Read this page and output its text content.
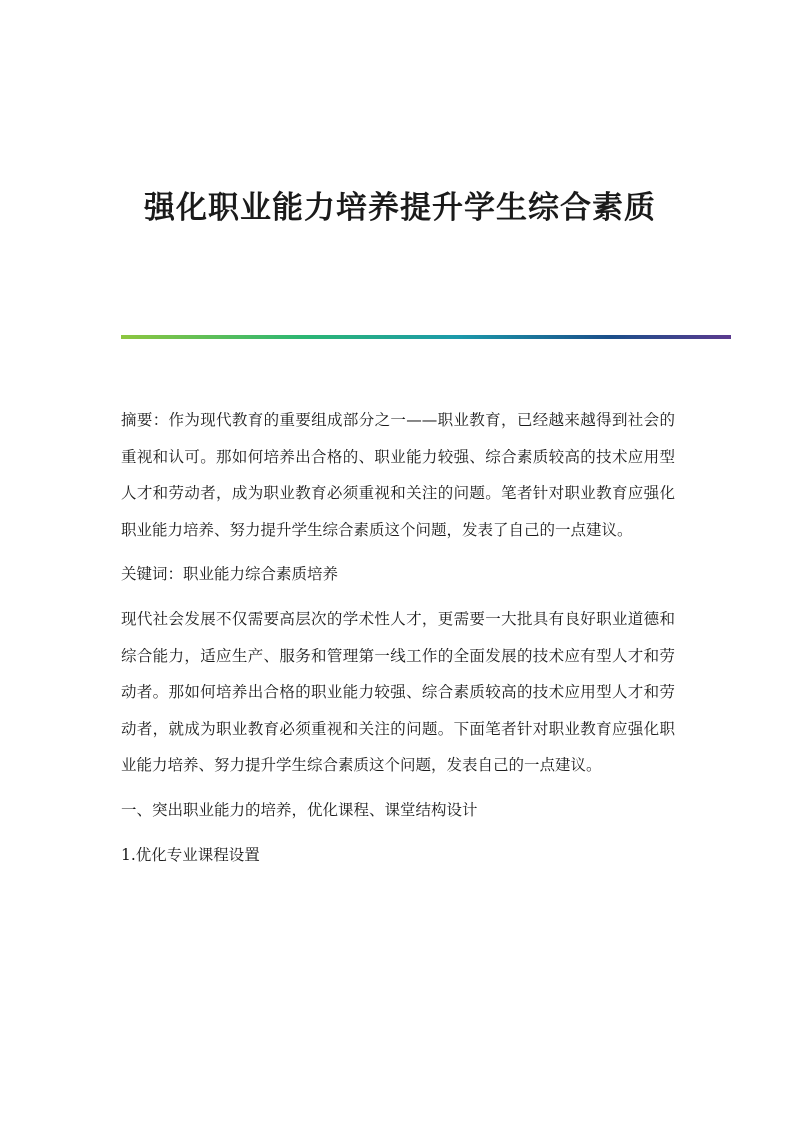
强化职业能力培养提升学生综合素质

摘要：作为现代教育的重要组成部分之一——职业教育，已经越来越得到社会的重视和认可。那如何培养出合格的、职业能力较强、综合素质较高的技术应用型人才和劳动者，成为职业教育必须重视和关注的问题。笔者针对职业教育应强化职业能力培养、努力提升学生综合素质这个问题，发表了自己的一点建议。

关键词：职业能力综合素质培养

现代社会发展不仅需要高层次的学术性人才，更需要一大批具有良好职业道德和综合能力，适应生产、服务和管理第一线工作的全面发展的技术应有型人才和劳动者。那如何培养出合格的职业能力较强、综合素质较高的技术应用型人才和劳动者，就成为职业教育必须重视和关注的问题。下面笔者针对职业教育应强化职业能力培养、努力提升学生综合素质这个问题，发表自己的一点建议。

一、突出职业能力的培养，优化课程、课堂结构设计

1.优化专业课程设置
